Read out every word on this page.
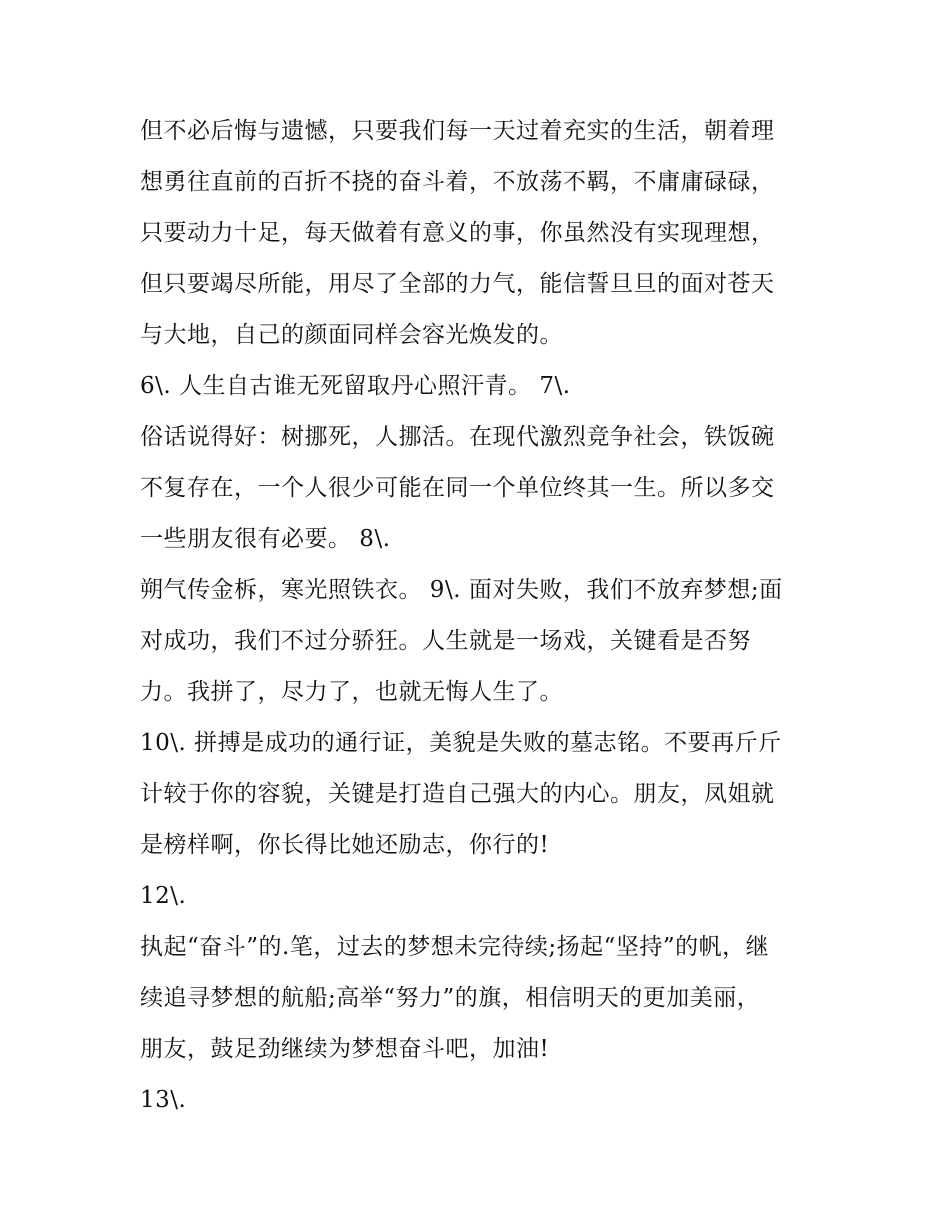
但不必后悔与遗憾，只要我们每一天过着充实的生活，朝着理
想勇往直前的百折不挠的奋斗着，不放荡不羁，不庸庸碌碌，
只要动力十足，每天做着有意义的事，你虽然没有实现理想，
但只要竭尽所能，用尽了全部的力气，能信誓旦旦的面对苍天
与大地，自己的颜面同样会容光焕发的。
6\. 人生自古谁无死留取丹心照汗青。 7\.
俗话说得好：树挪死，人挪活。在现代激烈竞争社会，铁饭碗
不复存在，一个人很少可能在同一个单位终其一生。所以多交
一些朋友很有必要。 8\.
朔气传金柝，寒光照铁衣。 9\. 面对失败，我们不放弃梦想;面
对成功，我们不过分骄狂。人生就是一场戏，关键看是否努
力。我拼了，尽力了，也就无悔人生了。
10\. 拼搏是成功的通行证，美貌是失败的墓志铭。不要再斤斤
计较于你的容貌，关键是打造自己强大的内心。朋友，凤姐就
是榜样啊，你长得比她还励志，你行的!
12\.
执起“奋斗”的.笔，过去的梦想未完待续;扬起“坚持”的帆，继
续追寻梦想的航船;高举“努力”的旗，相信明天的更加美丽，
朋友，鼓足劲继续为梦想奋斗吧，加油!
13\.
